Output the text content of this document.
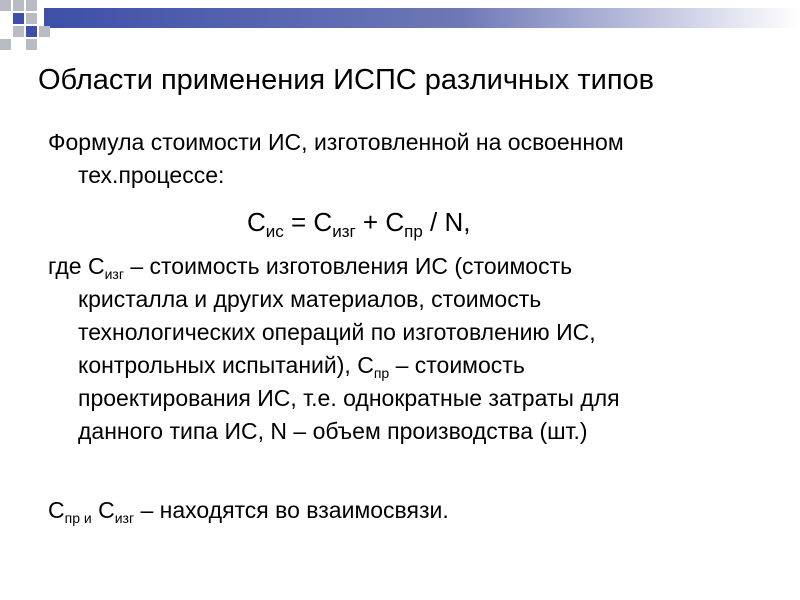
Области применения ИСПС различных типов
Формула стоимости ИС, изготовленной на освоенном
тех.процессе:
$С_{ис} = С_{изг} + С_{пр} / N$,
где $С_{изг}$ – стоимость изготовления ИС (стоимость
кристалла и других материалов, стоимость
технологических операций по изготовлению ИС,
контрольных испытаний), $С_{пр}$ – стоимость
проектирования ИС, т.е. однократные затраты для
данного типа ИС, N – объем производства (шт.)
$С_{пр и}$ $С_{изг}$ – находятся во взаимосвязи.
